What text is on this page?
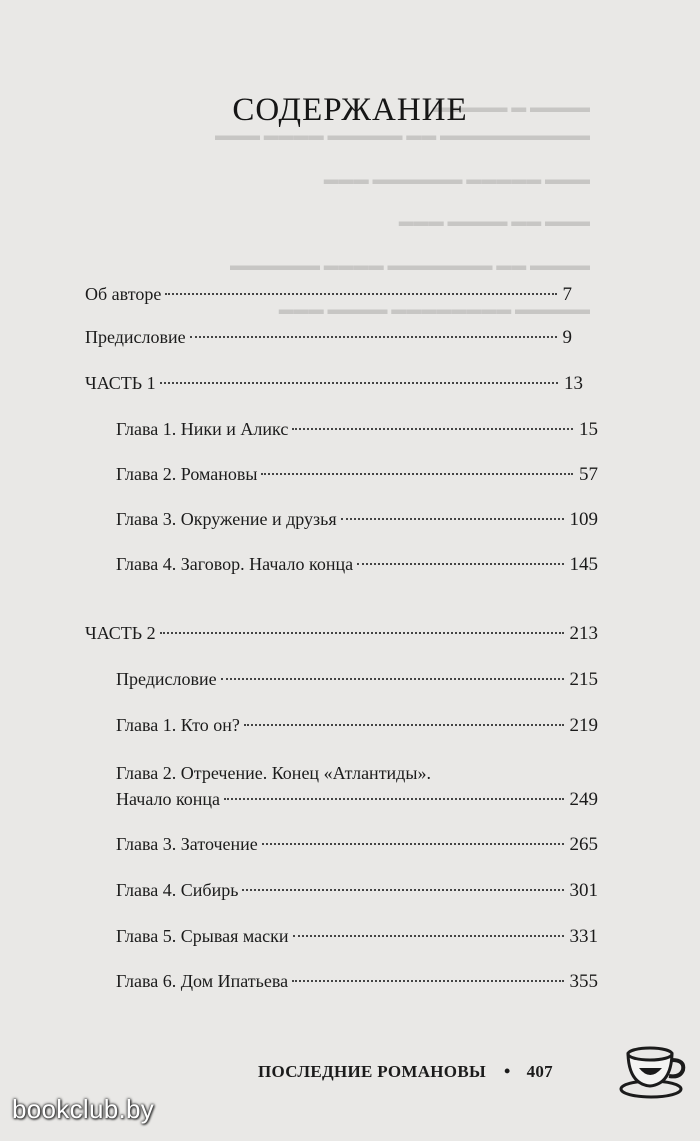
▬▬▬▬ ▬ ▬▬▬▬▬
▬▬▬▬▬▬▬▬▬▬ ▬▬ ▬▬▬▬▬ ▬▬▬▬ ▬▬▬
▬▬▬ ▬▬▬▬▬ ▬▬▬▬▬▬ ▬▬▬
▬▬▬ ▬▬ ▬▬▬▬ ▬▬▬
▬▬▬▬ ▬▬ ▬▬▬▬▬▬▬ ▬▬▬▬ ▬▬▬▬▬▬
▬▬▬▬▬ ▬▬▬▬▬▬▬▬ ▬▬▬▬ ▬▬▬
СОДЕРЖАНИЕ
Об авторе	7
Предисловие	9
ЧАСТЬ 1	13
Глава 1. Ники и Аликс	15
Глава 2. Романовы	57
Глава 3. Окружение и друзья	109
Глава 4. Заговор. Начало конца	145
ЧАСТЬ 2	213
Предисловие	215
Глава 1. Кто он?	219
Глава 2. Отречение. Конец «Атлантиды».
Начало конца	249
Глава 3. Заточение	265
Глава 4. Сибирь	301
Глава 5. Срывая маски	331
Глава 6. Дом Ипатьева	355
ПОСЛЕДНИЕ РОМАНОВЫ • 407
bookclub.by
